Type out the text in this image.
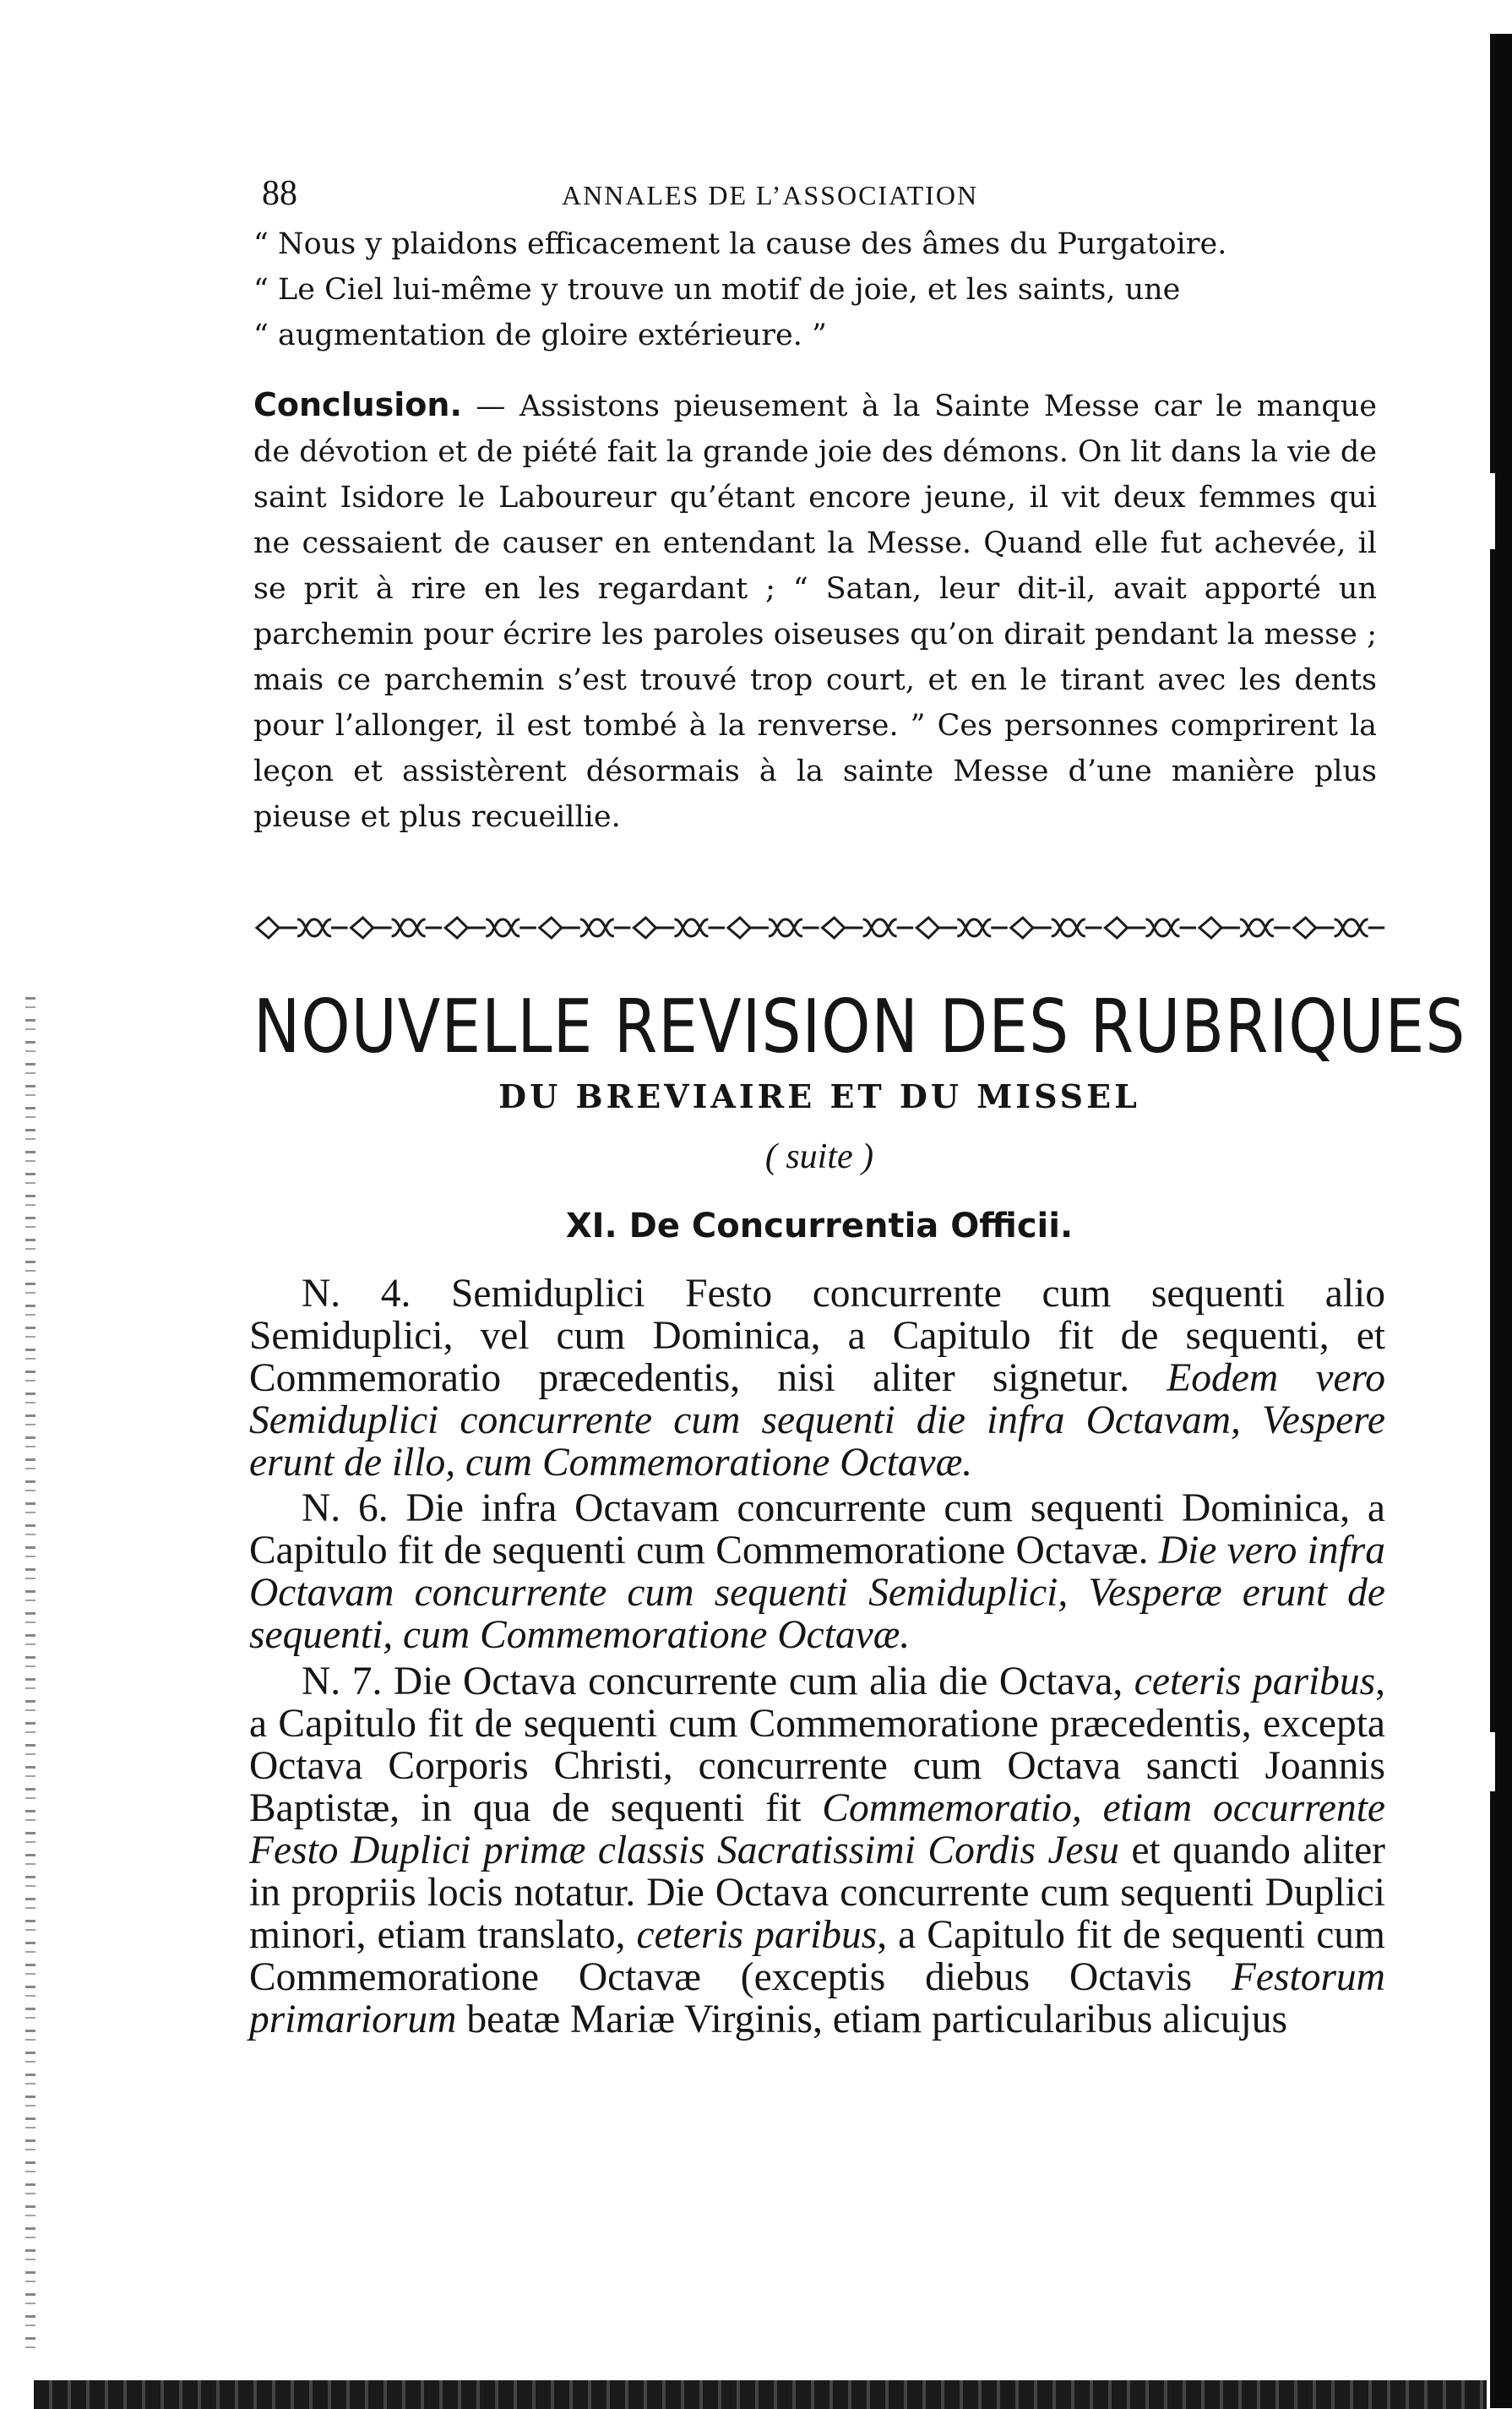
88	ANNALES DE L’ASSOCIATION
“ Nous y plaidons efficacement la cause des âmes du Purgatoire.
“ Le Ciel lui-même y trouve un motif de joie, et les saints, une
“ augmentation de gloire extérieure. ”

Conclusion. — Assistons pieusement à la Sainte Messe car le manque de dévotion et de piété fait la grande joie des démons. On lit dans la vie de saint Isidore le Laboureur qu’étant encore jeune, il vit deux femmes qui ne cessaient de causer en entendant la Messe. Quand elle fut achevée, il se prit à rire en les regardant ; “ Satan, leur dit-il, avait apporté un parchemin pour écrire les paroles oiseuses qu’on dirait pendant la messe ; mais ce parchemin s’est trouvé trop court, et en le tirant avec les dents pour l’allonger, il est tombé à la renverse. ” Ces personnes comprirent la leçon et assistèrent désormais à la sainte Messe d’une manière plus pieuse et plus recueillie.

NOUVELLE REVISION DES RUBRIQUES

DU BREVIAIRE ET DU MISSEL

( suite )

XI. De Concurrentia Officii.

N. 4. Semiduplici Festo concurrente cum sequenti alio Semiduplici, vel cum Dominica, a Capitulo fit de sequenti, et Commemoratio præcedentis, nisi aliter signetur. Eodem vero Semiduplici concurrente cum sequenti die infra Octavam, Vespere erunt de illo, cum Commemoratione Octavæ.

N. 6. Die infra Octavam concurrente cum sequenti Dominica, a Capitulo fit de sequenti cum Commemoratione Octavæ. Die vero infra Octavam concurrente cum sequenti Semiduplici, Vesperæ erunt de sequenti, cum Commemoratione Octavæ.

N. 7. Die Octava concurrente cum alia die Octava, ceteris paribus, a Capitulo fit de sequenti cum Commemoratione præcedentis, excepta Octava Corporis Christi, concurrente cum Octava sancti Joannis Baptistæ, in qua de sequenti fit Commemoratio, etiam occurrente Festo Duplici primæ classis Sacratissimi Cordis Jesu et quando aliter in propriis locis notatur. Die Octava concurrente cum sequenti Duplici minori, etiam translato, ceteris paribus, a Capitulo fit de sequenti cum Commemoratione Octavæ (exceptis diebus Octavis Festorum primariorum beatæ Mariæ Virginis, etiam particularibus alicujus
